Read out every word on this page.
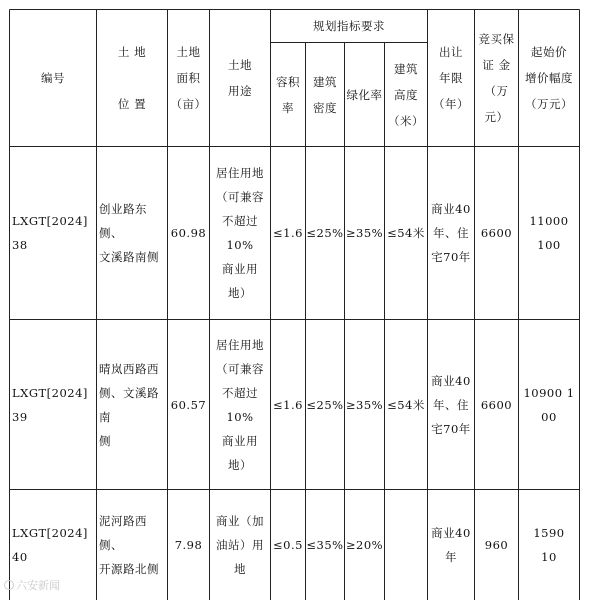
编号
土 地

位 置
土地
面积
（亩）
土地
用途
规划指标要求
容积
率
建筑
密度
绿化率
建筑
高度
（米）
出让
年限
（年）
竞买保
证 金
（万
元）
起始价
增价幅度
（万元）
LXGT[2024]
38
创业路东侧、
文溪路南侧
60.98
居住用地
（可兼容
不超过10%
商业用
地）
≤1.6 ≤25% ≥35% ≤54米
商业40
年、住
宅70年
6600
11000
100
LXGT[2024]
39
晴岚西路西
侧、文溪路南
侧
60.57
居住用地
（可兼容
不超过10%
商业用
地）
≤1.6 ≤25% ≥35% ≤54米
商业40
年、住
宅70年
6600
10900 1
00
LXGT[2024]
40
泥河路西侧、
开源路北侧
7.98
商业（加
油站）用
地
≤0.5 ≤35% ≥20%
商业40
年
960
1590
10
六安新闻
